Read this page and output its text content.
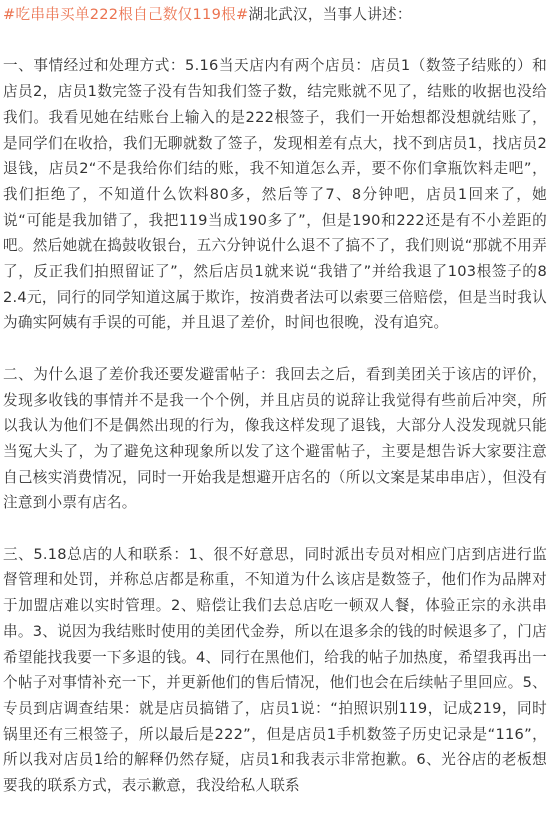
#吃串串买单222根自己数仅119根#湖北武汉，当事人讲述：

一、事情经过和处理方式：5.16当天店内有两个店员：店员1（数签子结账的）和店员2，店员1数完签子没有告知我们签子数，结完账就不见了，结账的收据也没给我们。我看见她在结账台上输入的是222根签子，我们一开始想都没想就结账了，是同学们在收拾，我们无聊就数了签子，发现相差有点大，找不到店员1，找店员2退钱，店员2“不是我给你们结的账，我不知道怎么弄，要不你们拿瓶饮料走吧”，我们拒绝了，不知道什么饮料80多，然后等了7、8分钟吧，店员1回来了，她说“可能是我加错了，我把119当成190多了”，但是190和222还是有不小差距的吧。然后她就在捣鼓收银台，五六分钟说什么退不了搞不了，我们则说“那就不用弄了，反正我们拍照留证了”，然后店员1就来说“我错了”并给我退了103根签子的82.4元，同行的同学知道这属于欺诈，按消费者法可以索要三倍赔偿，但是当时我认为确实阿姨有手误的可能，并且退了差价，时间也很晚，没有追究。

二、为什么退了差价我还要发避雷帖子：我回去之后，看到美团关于该店的评价，发现多收钱的事情并不是我一个个例，并且店员的说辞让我觉得有些前后冲突，所以我认为他们不是偶然出现的行为，像我这样发现了退钱，大部分人没发现就只能当冤大头了，为了避免这种现象所以发了这个避雷帖子，主要是想告诉大家要注意自己核实消费情况，同时一开始我是想避开店名的（所以文案是某串串店），但没有注意到小票有店名。

三、5.18总店的人和联系：1、很不好意思，同时派出专员对相应门店到店进行监督管理和处罚，并称总店都是称重，不知道为什么该店是数签子，他们作为品牌对于加盟店难以实时管理。2、赔偿让我们去总店吃一顿双人餐，体验正宗的永洪串串。3、说因为我结账时使用的美团代金券，所以在退多余的钱的时候退多了，门店希望能找我要一下多退的钱。4、同行在黑他们，给我的帖子加热度，希望我再出一个帖子对事情补充一下，并更新他们的售后情况，他们也会在后续帖子里回应。5、专员到店调查结果：就是店员搞错了，店员1说：“拍照识别119，记成219，同时锅里还有三根签子，所以最后是222”，但是店员1手机数签子历史记录是“116”，所以我对店员1给的解释仍然存疑，店员1和我表示非常抱歉。6、光谷店的老板想要我的联系方式，表示歉意，我没给私人联系
